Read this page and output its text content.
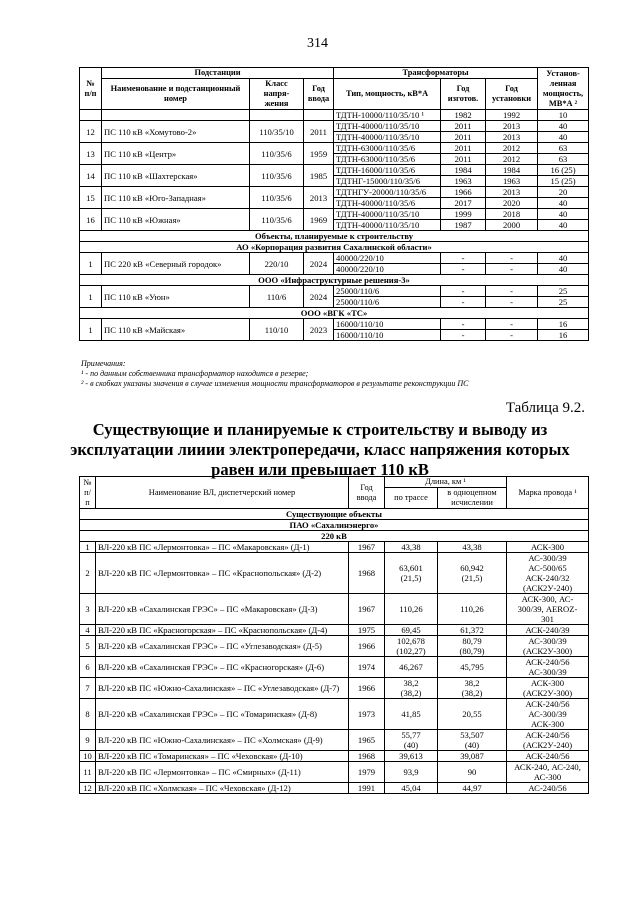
314
№ п/п	Подстанции			Трансформаторы			Установ-ленная мощность, МВ*А ²
	Наименование и подстанционный номер	Класс напря-жения	Год ввода	Тип, мощность, кВ*А	Год изготов.	Год установки	
				ТДТН-10000/110/35/10 ¹	1982	1992	10
12	ПС 110 кВ «Хомутово-2»	110/35/10	2011	ТДТН-40000/110/35/10	2011	2013	40
				ТДТН-40000/110/35/10	2011	2013	40
13	ПС 110 кВ «Центр»	110/35/6	1959	ТДТН-63000/110/35/6	2011	2012	63
				ТДТН-63000/110/35/6	2011	2012	63
14	ПС 110 кВ «Шахтерская»	110/35/6	1985	ТДТН-16000/110/35/6	1984	1984	16 (25)
				ТДТНГ-15000/110/35/6	1963	1963	15 (25)
15	ПС 110 кВ «Юго-Западная»	110/35/6	2013	ТДТНГУ-20000/110/35/6	1966	2013	20
				ТДТН-40000/110/35/6	2017	2020	40
16	ПС 110 кВ «Южная»	110/35/6	1969	ТДТН-40000/110/35/10	1999	2018	40
				ТДТН-40000/110/35/10	1987	2000	40
Объекты, планируемые к строительству							
АО «Корпорация развития Сахалинской области»							
1	ПС 220 кВ «Северный городок»	220/10	2024	40000/220/10	-	-	40
				40000/220/10	-	-	40
ООО «Инфраструктурные решения-3»							
1	ПС 110 кВ «Уюн»	110/6	2024	25000/110/6	-	-	25
				25000/110/6	-	-	25
ООО «ВГК «ТС»							
1	ПС 110 кВ «Майская»	110/10	2023	16000/110/10	-	-	16
				16000/110/10	-	-	16
Примечания:
¹ - по данным собственника трансформатор находится в резерве;
² - в скобках указаны значения в случае изменения мощности трансформаторов в результате реконструкции ПС
Таблица 9.2.
Существующие и планируемые к строительству и выводу из эксплуатации лииии электропередачи, класс напряжения которых равен или превышает 110 кВ
№ п/п	Наименование ВЛ, диспетчерский номер	Год ввода	Длина, км ¹		Марка провода ¹
			по трассе	в одноцепном исчислении	
Существующие объекты					
ПАО «Сахалинэнерго»					
220 кВ					
1	ВЛ-220 кВ ПС «Лермонтовка» – ПС «Макаровская» (Д-1)	1967	43,38	43,38	АСК-300
2	ВЛ-220 кВ ПС «Лермонтовка» – ПС «Краснопольская» (Д-2)	1968	63,601
(21,5)	60,942
(21,5)	АС-300/39
АС-500/65
АСК-240/32
(АСК2У-240)
3	ВЛ-220 кВ «Сахалинская ГРЭС» – ПС «Макаровская» (Д-3)	1967	110,26	110,26	АСК-300, АС-
300/39, AEROZ-
301
4	ВЛ-220 кВ ПС «Красногорская» – ПС «Краснопольская» (Д-4)	1975	69,45	61,372	АСК-240/39
5	ВЛ-220 кВ «Сахалинская ГРЭС» – ПС «Углезаводская» (Д-5)	1966	102,678
(102,27)	80,79
(80,79)	АС-300/39
(АСК2У-300)
6	ВЛ-220 кВ «Сахалинская ГРЭС» – ПС «Красногорская» (Д-6)	1974	46,267	45,795	АСК-240/56
АС-300/39
7	ВЛ-220 кВ ПС «Южно-Сахалинская» – ПС «Углезаводская» (Д-7)	1966	38,2
(38,2)	38,2
(38,2)	АСК-300
(АСК2У-300)
8	ВЛ-220 кВ «Сахалинская ГРЭС» – ПС «Томаринская» (Д-8)	1973	41,85	20,55	АСК-240/56
АС-300/39
АСК-300
9	ВЛ-220 кВ ПС «Южно-Сахалинская» – ПС «Холмская» (Д-9)	1965	55,77
(40)	53,507
(40)	АСК-240/56
(АСК2У-240)
10	ВЛ-220 кВ ПС «Томаринская» – ПС «Чеховская» (Д-10)	1968	39,613	39,087	АСК-240/56
11	ВЛ-220 кВ ПС «Лермонтовка» – ПС «Смирных» (Д-11)	1979	93,9	90	АСК-240, АС-240,
АС-300
12	ВЛ-220 кВ ПС «Холмская» – ПС «Чеховская» (Д-12)	1991	45,04	44,97	АС-240/56
